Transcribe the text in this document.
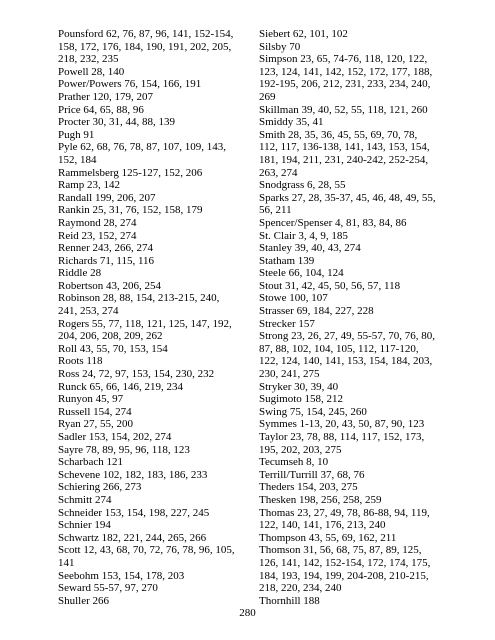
Pounsford 62, 76, 87, 96, 141, 152-154, 158, 172, 176, 184, 190, 191, 202, 205, 218, 232, 235

Powell 28, 140

Power/Powers 76, 154, 166, 191

Prather 120, 179, 207

Price 64, 65, 88, 96

Procter 30, 31, 44, 88, 139

Pugh 91

Pyle 62, 68, 76, 78, 87, 107, 109, 143, 152, 184

Rammelsberg 125-127, 152, 206

Ramp 23, 142

Randall 199, 206, 207

Rankin 25, 31, 76, 152, 158, 179

Raymond 28, 274

Reid 23, 152, 274

Renner 243, 266, 274

Richards 71, 115, 116

Riddle 28

Robertson 43, 206, 254

Robinson 28, 88, 154, 213-215, 240, 241, 253, 274

Rogers 55, 77, 118, 121, 125, 147, 192, 204, 206, 208, 209, 262

Roll 43, 55, 70, 153, 154

Roots 118

Ross 24, 72, 97, 153, 154, 230, 232

Runck 65, 66, 146, 219, 234

Runyon 45, 97

Russell 154, 274

Ryan 27, 55, 200

Sadler 153, 154, 202, 274

Sayre 78, 89, 95, 96, 118, 123

Scharbach 121

Schevene 102, 182, 183, 186, 233

Schiering 266, 273

Schmitt 274

Schneider 153, 154, 198, 227, 245

Schnier 194

Schwartz 182, 221, 244, 265, 266

Scott 12, 43, 68, 70, 72, 76, 78, 96, 105, 141

Seebohm 153, 154, 178, 203

Seward 55-57, 97, 270

Shuller 266

Siebert 62, 101, 102

Silsby 70

Simpson 23, 65, 74-76, 118, 120, 122, 123, 124, 141, 142, 152, 172, 177, 188, 192-195, 206, 212, 231, 233, 234, 240, 269

Skillman 39, 40, 52, 55, 118, 121, 260

Smiddy 35, 41

Smith 28, 35, 36, 45, 55, 69, 70, 78, 112, 117, 136-138, 141, 143, 153, 154, 181, 194, 211, 231, 240-242, 252-254, 263, 274

Snodgrass 6, 28, 55

Sparks 27, 28, 35-37, 45, 46, 48, 49, 55, 56, 211

Spencer/Spenser 4, 81, 83, 84, 86

St. Clair 3, 4, 9, 185

Stanley 39, 40, 43, 274

Statham 139

Steele 66, 104, 124

Stout 31, 42, 45, 50, 56, 57, 118

Stowe 100, 107

Strasser 69, 184, 227, 228

Strecker 157

Strong 23, 26, 27, 49, 55-57, 70, 76, 80, 87, 88, 102, 104, 105, 112, 117-120, 122, 124, 140, 141, 153, 154, 184, 203, 230, 241, 275

Stryker 30, 39, 40

Sugimoto 158, 212

Swing 75, 154, 245, 260

Symmes 1-13, 20, 43, 50, 87, 90, 123

Taylor 23, 78, 88, 114, 117, 152, 173, 195, 202, 203, 275

Tecumseh 8, 10

Terrill/Turrill 37, 68, 76

Theders 154, 203, 275

Thesken 198, 256, 258, 259

Thomas 23, 27, 49, 78, 86-88, 94, 119, 122, 140, 141, 176, 213, 240

Thompson 43, 55, 69, 162, 211

Thomson 31, 56, 68, 75, 87, 89, 125, 126, 141, 142, 152-154, 172, 174, 175, 184, 193, 194, 199, 204-208, 210-215, 218, 220, 234, 240

Thornhill 188

280
